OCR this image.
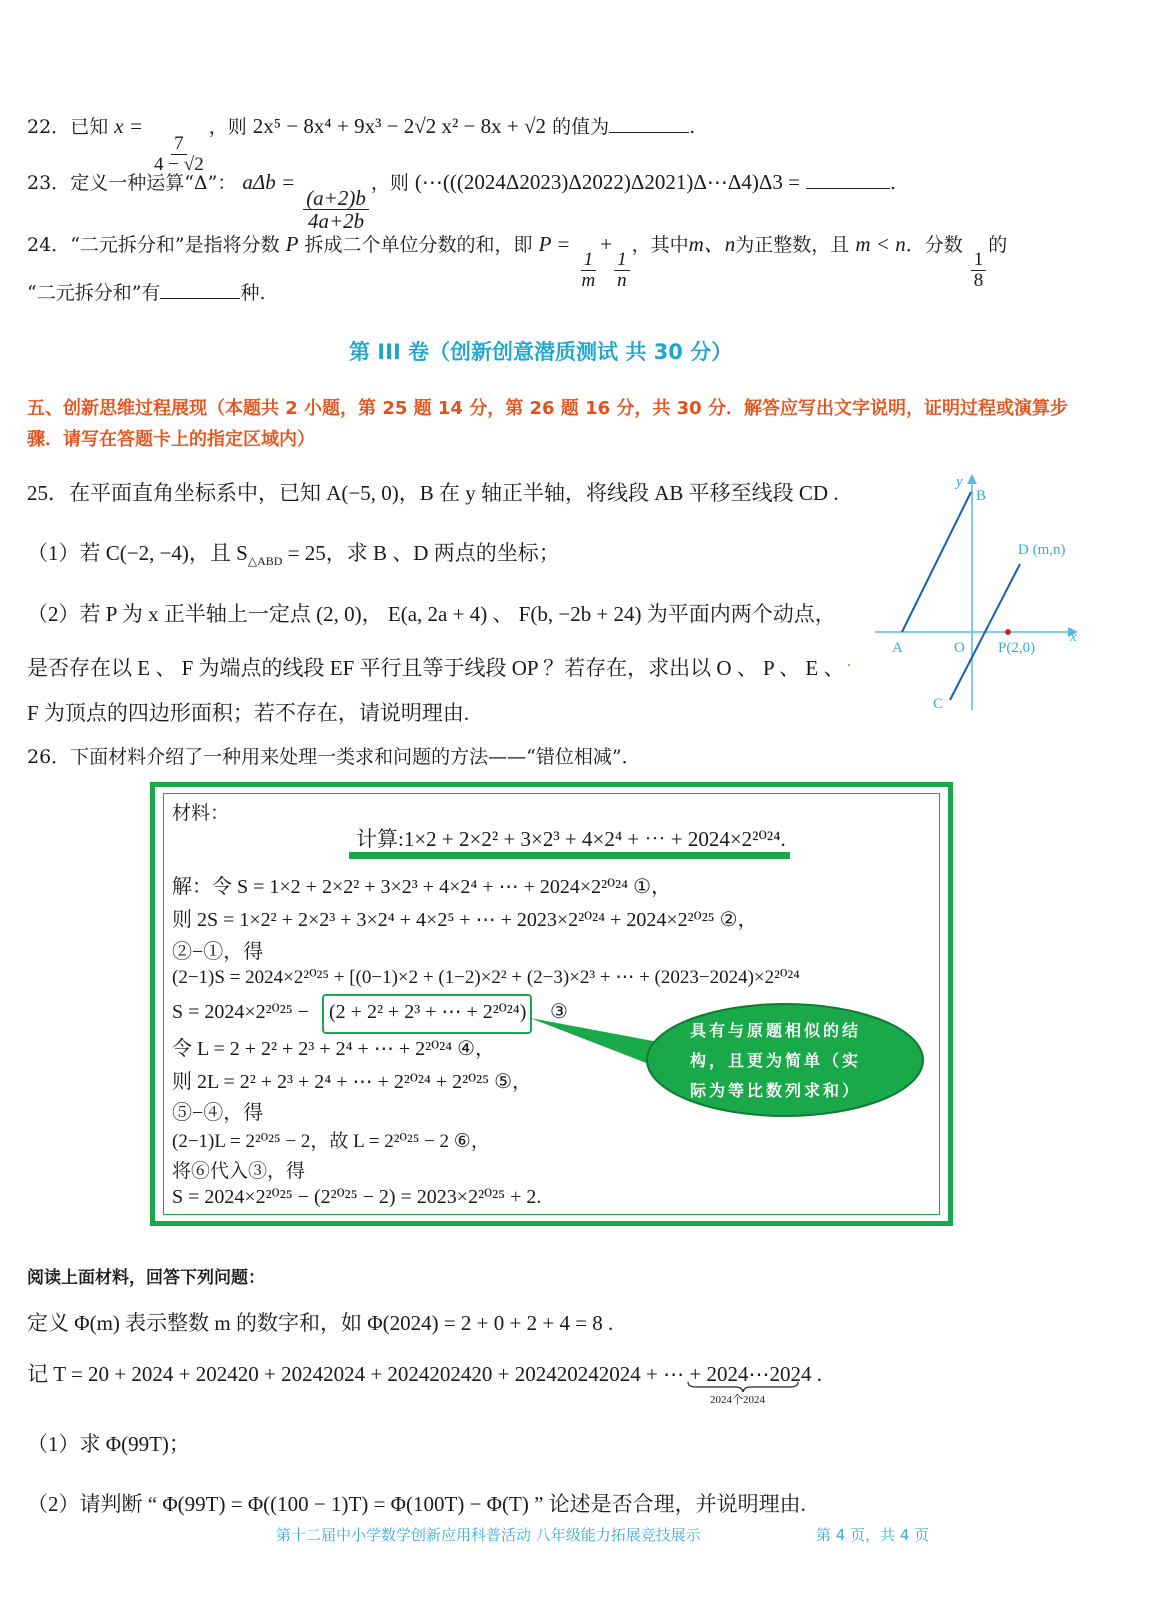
22．已知 x =
$\frac{7}{4 - √2}$
，则 2x⁵ − 8x⁴ + 9x³ − 2√2 x² − 8x + √2 的值为	.
23．定义一种运算“Δ”： aΔb =
$\frac{(a+2)b}{4a+2b}$
，则 (⋯(((2024Δ2023)Δ2022)Δ2021)Δ⋯Δ4)Δ3 =	.
24．“二元拆分和”是指将分数 P 拆成二个单位分数的和，即 P =
$\frac{1}{m}$
+
$\frac{1}{n}$
，其中m、n为正整数，且 m < n．分数
$\frac{1}{8}$
的
“二元拆分和”有	种.
第 III 卷（创新创意潜质测试 共 30 分）
五、创新思维过程展现（本题共 2 小题，第 25 题 14 分，第 26 题 16 分，共 30 分．解答应写出文字说明，证明过程或演算步骤．请写在答题卡上的指定区域内）
25．在平面直角坐标系中，已知 A(−5, 0)，B 在 y 轴正半轴，将线段 AB 平移至线段 CD .
（1）若 C(−2, −4)，且 $S_{\triangle ABD} = 25$，求 B 、D 两点的坐标；
（2）若 P 为 x 正半轴上一定点 (2, 0)， E(a, 2a + 4) 、 F(b, −2b + 24) 为平面内两个动点，
是否存在以 E 、 F 为端点的线段 EF 平行且等于线段 OP ？若存在，求出以 O 、 P 、 E 、 .
F 为顶点的四边形面积；若不存在，请说明理由.
y
x
B
D (m,n)
A	O P(2,0)
C
26．下面材料介绍了一种用来处理一类求和问题的方法——“错位相减”．
材料：
计算:1×2 + 2×2² + 3×2³ + 4×2⁴ + ⋯ + 2024×2²⁰²⁴.
解：令 S = 1×2 + 2×2² + 3×2³ + 4×2⁴ + ⋯ + 2024×2²⁰²⁴ ①，
则 2S = 1×2² + 2×2³ + 3×2⁴ + 4×2⁵ + ⋯ + 2023×2²⁰²⁴ + 2024×2²⁰²⁵ ②，
②−①，得
(2−1)S = 2024×2²⁰²⁵ + [(0−1)×2 + (1−2)×2² + (2−3)×2³ + ⋯ + (2023−2024)×2²⁰²⁴
S = 2024×2²⁰²⁵ − (2 + 2² + 2³ + ⋯ + 2²⁰²⁴) ③
令 L = 2 + 2² + 2³ + 2⁴ + ⋯ + 2²⁰²⁴ ④，
则 2L = 2² + 2³ + 2⁴ + ⋯ + 2²⁰²⁴ + 2²⁰²⁵ ⑤，
⑤−④，得
(2−1)L = 2²⁰²⁵ − 2，故 L = 2²⁰²⁵ − 2 ⑥，
将⑥代入③，得
S = 2024×2²⁰²⁵ − (2²⁰²⁵ − 2) = 2023×2²⁰²⁵ + 2.
具有与原题相似的结
构，且更为简单（实
际为等比数列求和）
阅读上面材料，回答下列问题：
定义 Φ(m) 表示整数 m 的数字和，如 Φ(2024) = 2 + 0 + 2 + 4 = 8 .
记 T = 20 + 2024 + 202420 + 20242024 + 2024202420 + 202420242024 + ⋯ + 2024⋯2024 .
2024个2024
（1）求 Φ(99T)；
（2）请判断 “ Φ(99T) = Φ((100 − 1)T) = Φ(100T) − Φ(T) ” 论述是否合理，并说明理由.
第十二届中小学数学创新应用科普活动 八年级能力拓展竞技展示	第 4 页，共 4 页
